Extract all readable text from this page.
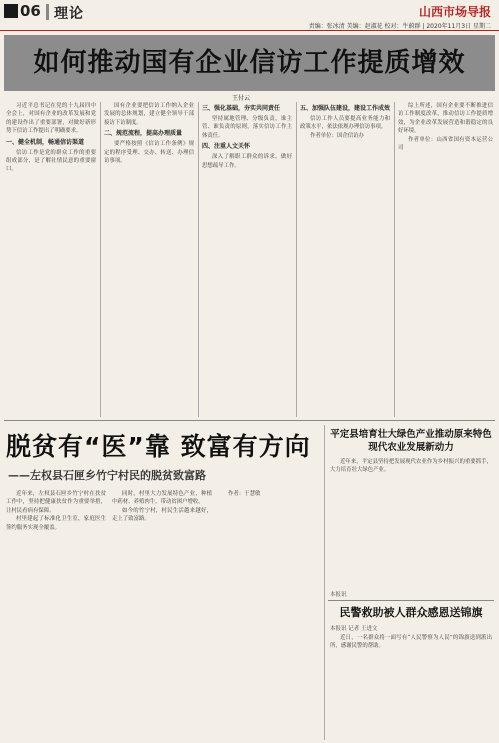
06 理论	山西市场导报
责编：张冰清 美编：赵淑花 校对：牛蔚群 | 2020年11月3日 星期二
如何推动国有企业信访工作提质增效
王付云

习近平总书记在党的十九届四中全会上，对国有企业的改革发展和党的建设作出了重要部署，对做好新形势下信访工作提出了明确要求。

一、健全机制，畅通信访渠道

信访工作是党的群众工作的重要组成部分，是了解社情民意的重要窗口。

国有企业要把信访工作纳入企业发展的总体规划，建立健全领导干部接访下访制度。

二、规范流程，提高办理质量

要严格按照《信访工作条例》规定的程序受理、交办、转送、办理信访事项。

三、强化基础，夯实共同责任

坚持属地管理、分级负责，谁主管、谁负责的原则，落实信访工作主体责任。

四、注重人文关怀

深入了解职工群众的诉求，做好思想疏导工作。

五、加强队伍建设，建设工作成效

信访工作人员要提高业务能力和政策水平，依法依规办理信访事项。

作者单位：国企信访办

综上所述，国有企业要不断推进信访工作制度改革，推动信访工作提质增效，为企业改革发展营造和谐稳定的良好环境。

作者单位：山西省国有资本运营公司

脱贫有“医”靠 致富有方向
——左权县石匣乡竹宁村民的脱贫致富路

近年来，左权县石匣乡竹宁村在扶贫工作中，坚持把健康扶贫作为重要举措，让村民看病有保障。

村里建起了标准化卫生室，家庭医生签约服务实现全覆盖。

同时，村里大力发展特色产业，种植中药材、养殖肉牛，带动贫困户增收。

如今的竹宁村，村民生活越来越好，走上了致富路。

作者：于慧敏

平定县培育壮大绿色产业推动原来特色现代农业发展新动力

近年来，平定县坚持把发展现代农业作为乡村振兴的重要抓手，大力培育壮大绿色产业。

本报讯
民警救助被人群众感恩送锦旗
本报讯 记者 王进文

近日，一名群众将一面写有“人民警察为人民”的锦旗送到派出所，感谢民警的帮助。
